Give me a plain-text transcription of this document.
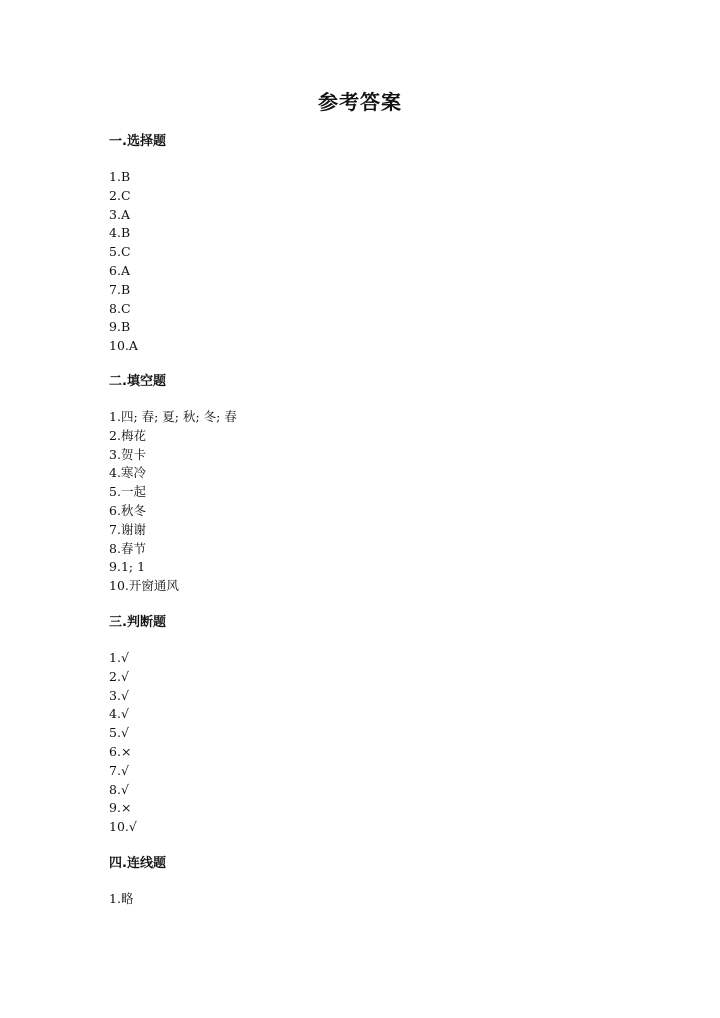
参考答案
一.选择题
1.B
2.C
3.A
4.B
5.C
6.A
7.B
8.C
9.B
10.A
二.填空题
1.四; 春; 夏; 秋; 冬; 春
2.梅花
3.贺卡
4.寒冷
5.一起
6.秋冬
7.谢谢
8.春节
9.1; 1
10.开窗通风
三.判断题
1.√
2.√
3.√
4.√
5.√
6.×
7.√
8.√
9.×
10.√
四.连线题
1.略
